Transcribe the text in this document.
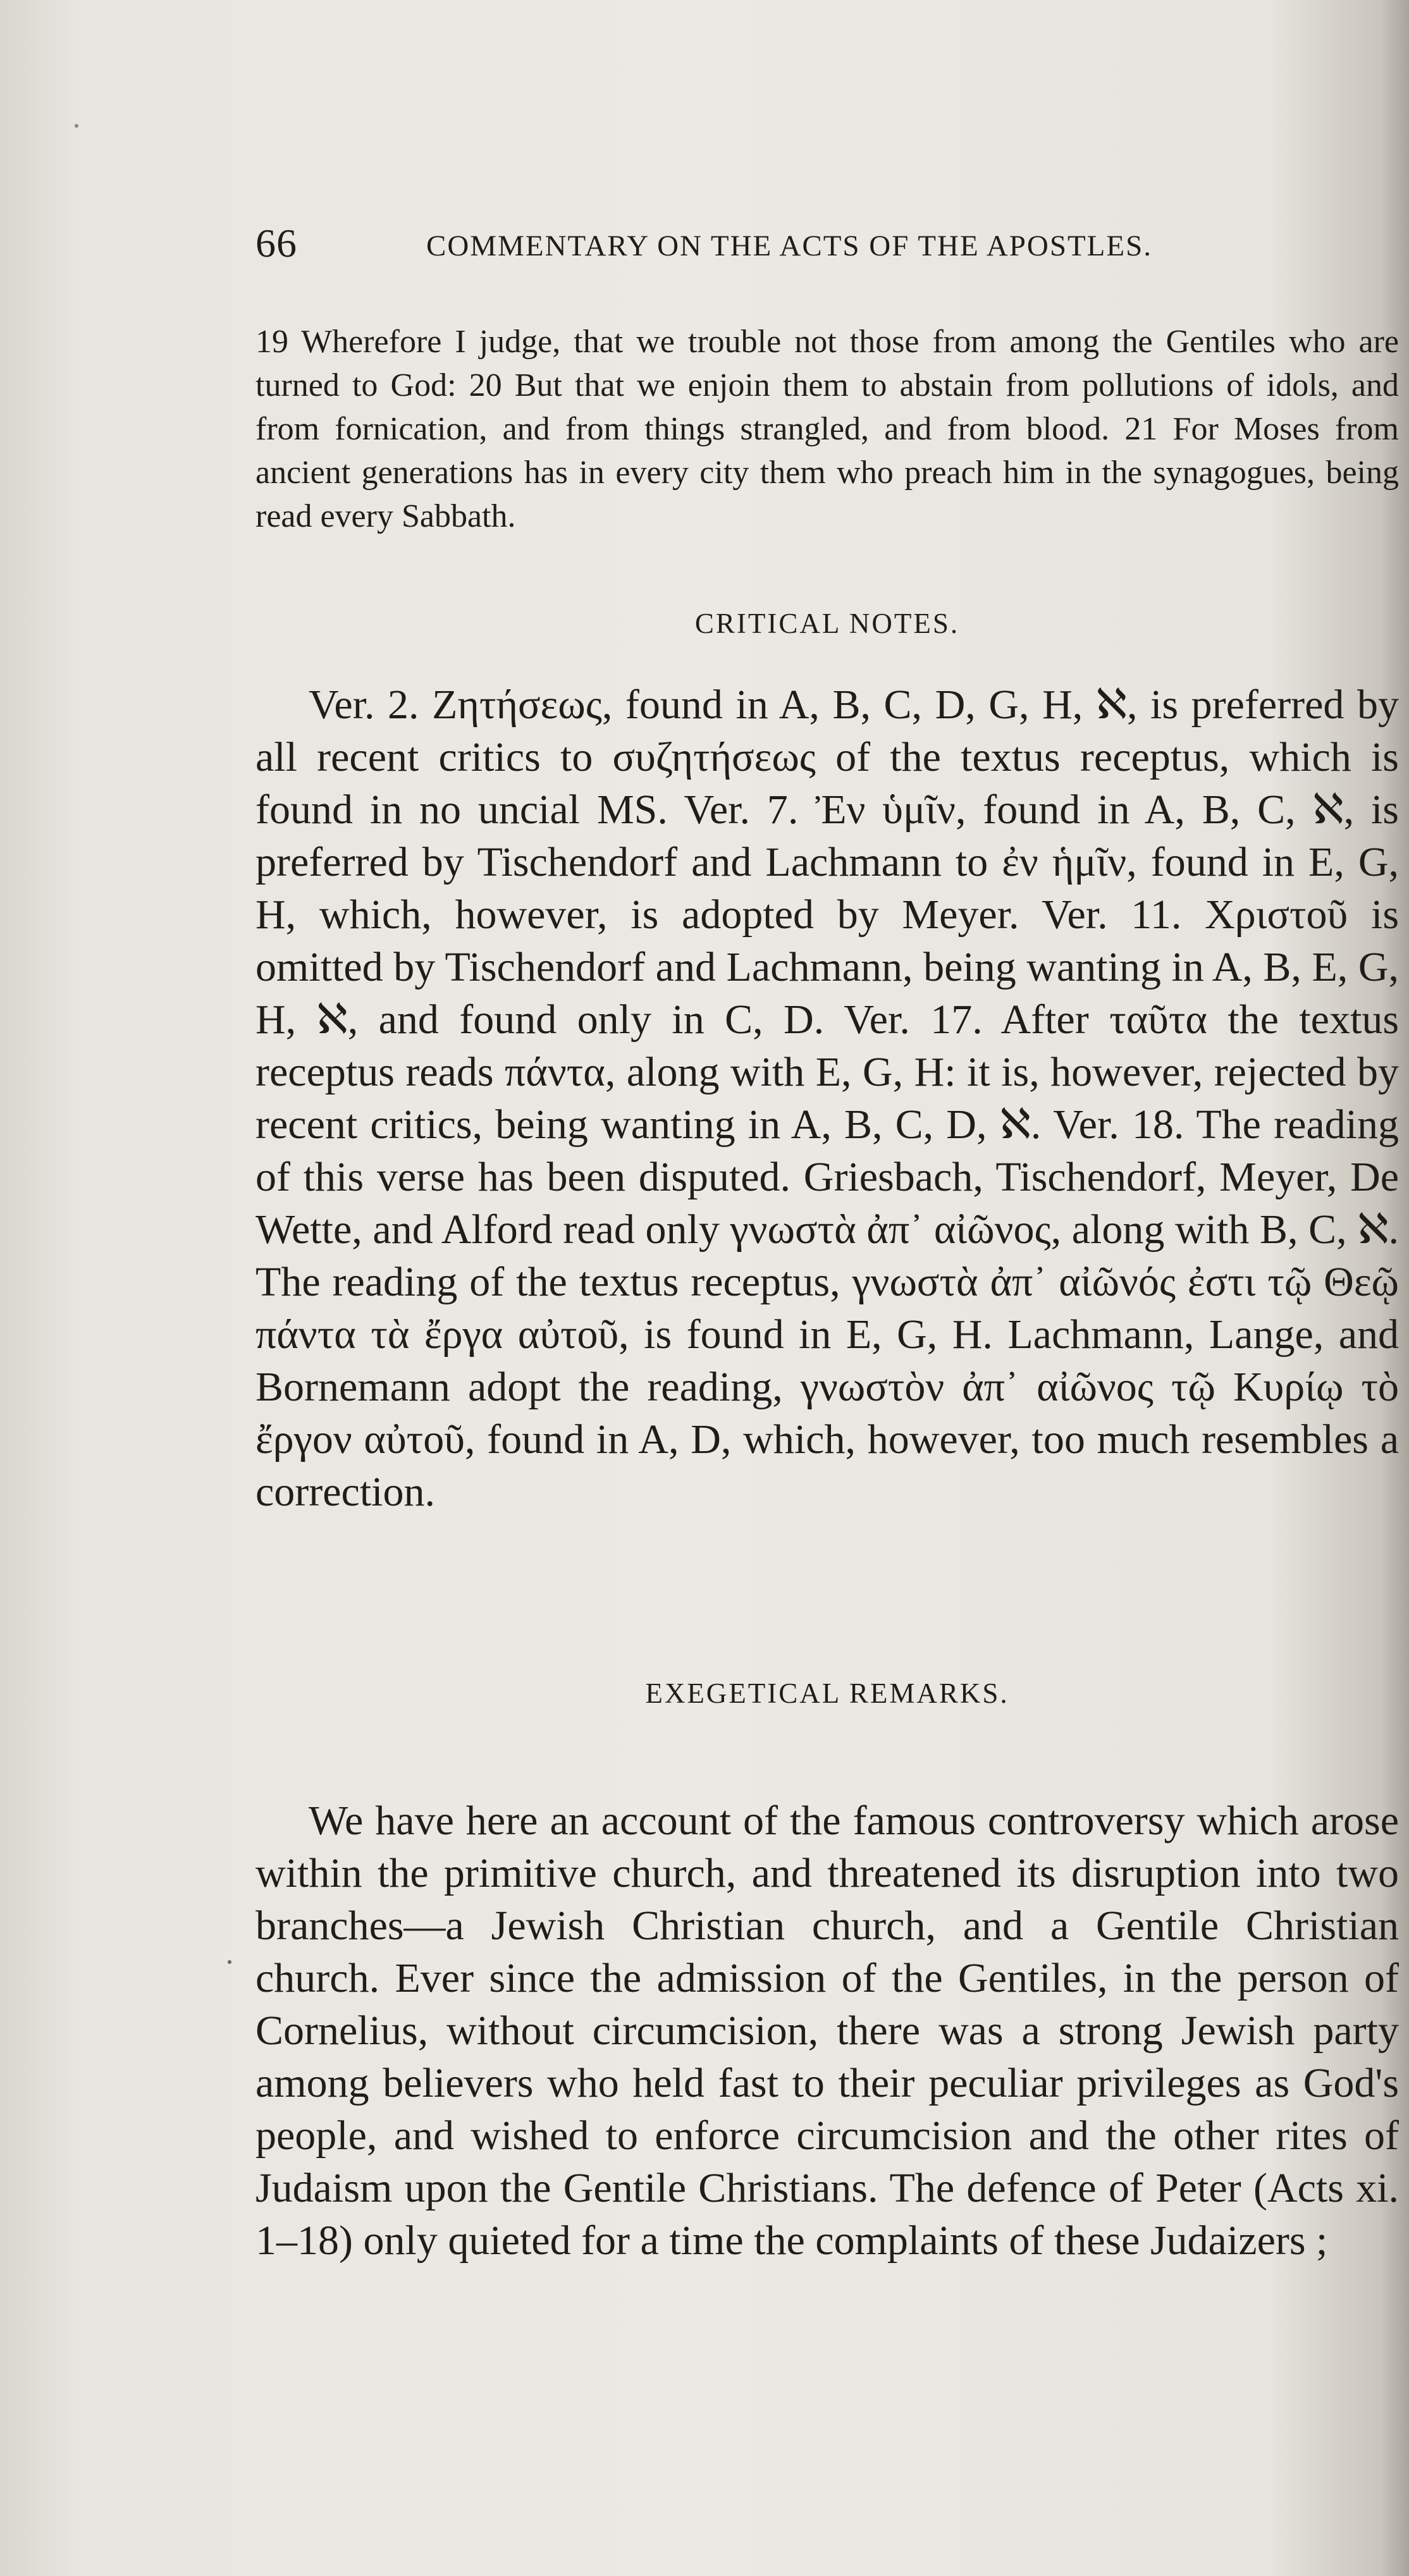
66	COMMENTARY ON THE ACTS OF THE APOSTLES.
19 Wherefore I judge, that we trouble not those from among the Gentiles who are turned to God: 20 But that we enjoin them to abstain from pollutions of idols, and from fornication, and from things strangled, and from blood. 21 For Moses from ancient generations has in every city them who preach him in the synagogues, being read every Sabbath.
CRITICAL NOTES.
Ver. 2. Ζητήσεως, found in A, B, C, D, G, H, ℵ, is preferred by all recent critics to συζητήσεως of the textus receptus, which is found in no uncial MS. Ver. 7. Ἐν ὑμῖν, found in A, B, C, ℵ, is preferred by Tischendorf and Lachmann to ἐν ἡμῖν, found in E, G, H, which, however, is adopted by Meyer. Ver. 11. Χριστοῦ is omitted by Tischendorf and Lachmann, being wanting in A, B, E, G, H, ℵ, and found only in C, D. Ver. 17. After ταῦτα the textus receptus reads πάντα, along with E, G, H: it is, however, rejected by recent critics, being wanting in A, B, C, D, ℵ. Ver. 18. The reading of this verse has been disputed. Griesbach, Tischendorf, Meyer, De Wette, and Alford read only γνωστὰ ἀπ᾽ αἰῶνος, along with B, C, ℵ. The reading of the textus receptus, γνωστὰ ἀπ᾽ αἰῶνός ἐστι τῷ Θεῷ πάντα τὰ ἔργα αὐτοῦ, is found in E, G, H. Lachmann, Lange, and Bornemann adopt the reading, γνωστὸν ἀπ᾽ αἰῶνος τῷ Κυρίῳ τὸ ἔργον αὐτοῦ, found in A, D, which, however, too much resembles a correction.
EXEGETICAL REMARKS.
We have here an account of the famous controversy which arose within the primitive church, and threatened its disruption into two branches—a Jewish Christian church, and a Gentile Christian church. Ever since the admission of the Gentiles, in the person of Cornelius, without circumcision, there was a strong Jewish party among believers who held fast to their peculiar privileges as God's people, and wished to enforce circumcision and the other rites of Judaism upon the Gentile Christians. The defence of Peter (Acts xi. 1–18) only quieted for a time the complaints of these Judaizers ;
